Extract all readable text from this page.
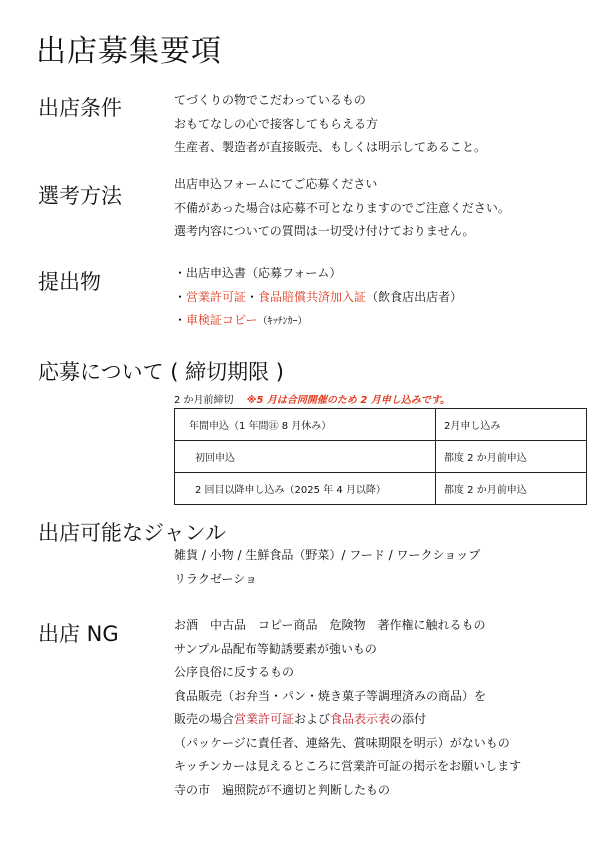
出店募集要項
出店条件	てづくりの物でこだわっているもの
おもてなしの心で接客してもらえる方
生産者、製造者が直接販売、もしくは明示してあること。
選考方法	出店申込フォームにてご応募ください
不備があった場合は応募不可となりますのでご注意ください。
選考内容についての質問は一切受け付けておりません。
提出物	・出店申込書（応募フォーム）
・営業許可証・食品賠償共済加入証（飲食店出店者）
・車検証コピー（ｷｯﾁﾝｶｰ）
応募について ( 締切期限 )
2 か月前締切 ※5 月は合同開催のため 2 月申し込みです。
年間申込（1 年間㊟ 8 月休み）	2月申し込み
初回申込	都度 2 か月前申込
2 回目以降申し込み（2025 年 4 月以降）	都度 2 か月前申込
出店可能なジャンル
雑貨 / 小物 / 生鮮食品（野菜）/ フード / ワークショップ
リラクゼーショ
出店 NG	お酒　中古品　コピー商品　危険物　著作権に触れるもの
サンプル品配布等勧誘要素が強いもの
公序良俗に反するもの
食品販売（お弁当・パン・焼き菓子等調理済みの商品）を
販売の場合営業許可証および食品表示表の添付
（パッケージに責任者、連絡先、賞味期限を明示）がないもの
キッチンカーは見えるところに営業許可証の掲示をお願いします
寺の市　遍照院が不適切と判断したもの
